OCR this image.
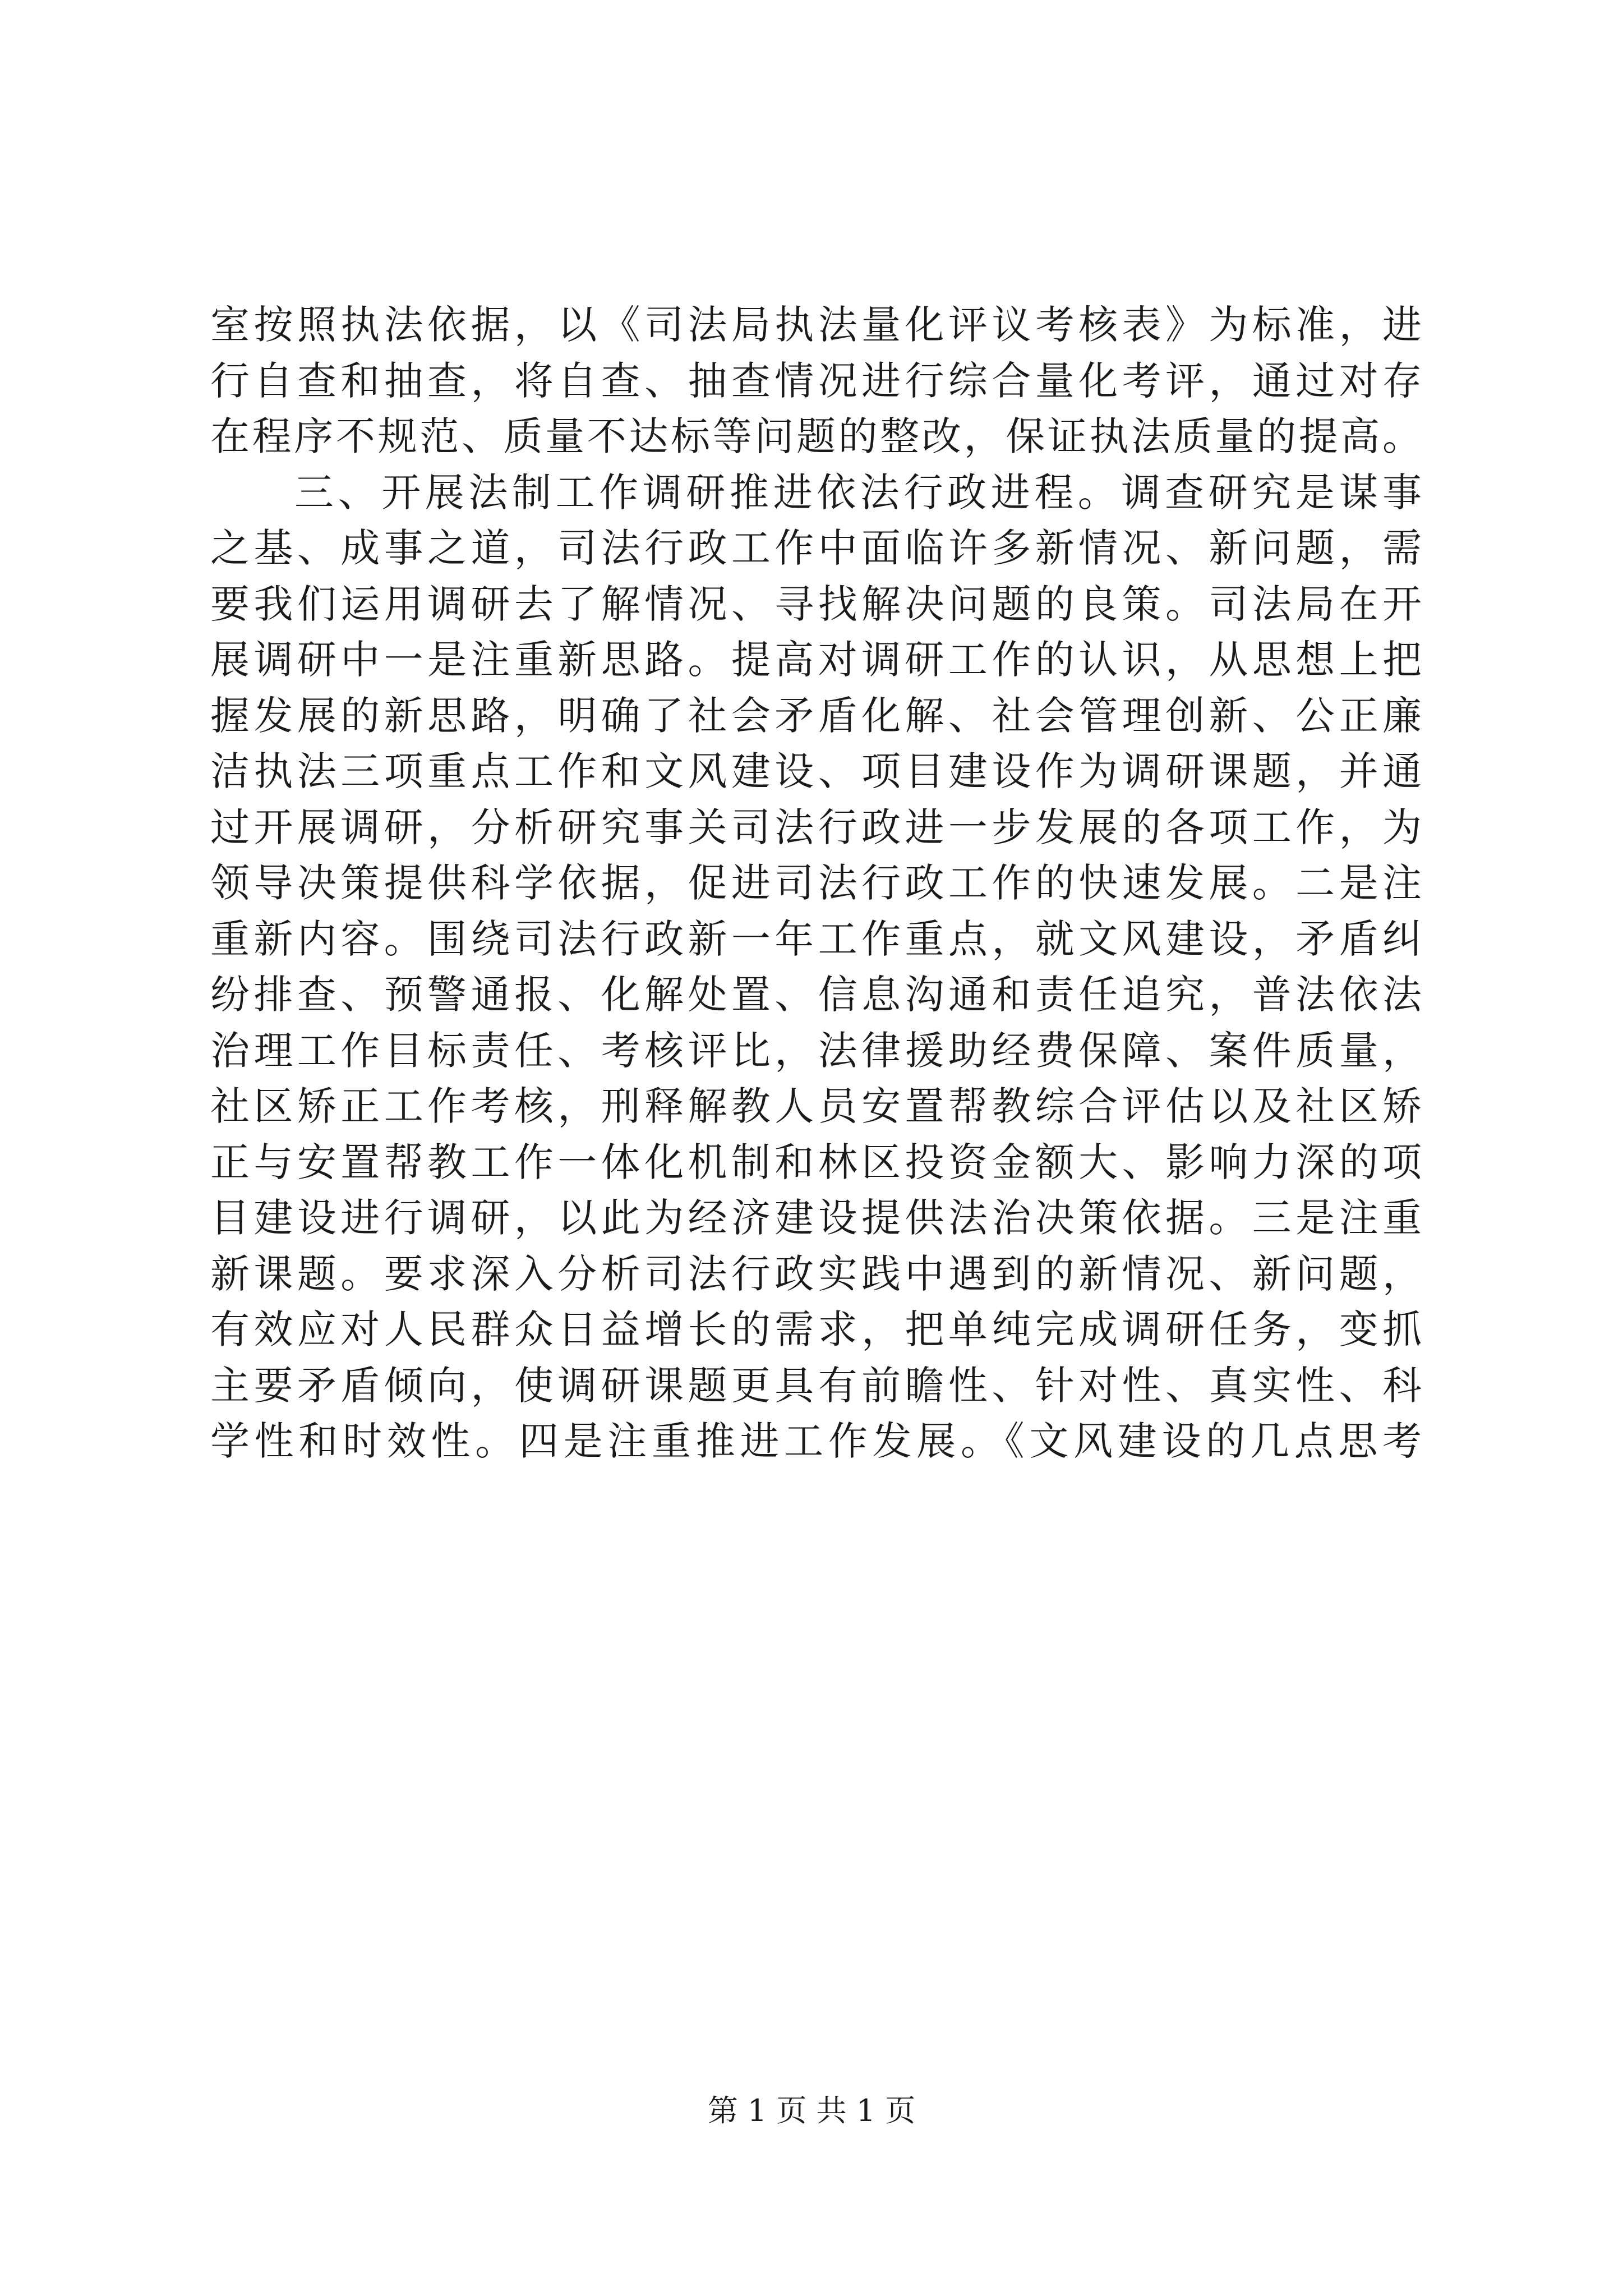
室按照执法依据，以《司法局执法量化评议考核表》为标准，进
行自查和抽查，将自查、抽查情况进行综合量化考评，通过对存
在程序不规范、质量不达标等问题的整改，保证执法质量的提高。
三、开展法制工作调研推进依法行政进程。调查研究是谋事
之基、成事之道，司法行政工作中面临许多新情况、新问题，需
要我们运用调研去了解情况、寻找解决问题的良策。司法局在开
展调研中一是注重新思路。提高对调研工作的认识，从思想上把
握发展的新思路，明确了社会矛盾化解、社会管理创新、公正廉
洁执法三项重点工作和文风建设、项目建设作为调研课题，并通
过开展调研，分析研究事关司法行政进一步发展的各项工作，为
领导决策提供科学依据，促进司法行政工作的快速发展。二是注
重新内容。围绕司法行政新一年工作重点，就文风建设，矛盾纠
纷排查、预警通报、化解处置、信息沟通和责任追究，普法依法
治理工作目标责任、考核评比，法律援助经费保障、案件质量，
社区矫正工作考核，刑释解教人员安置帮教综合评估以及社区矫
正与安置帮教工作一体化机制和林区投资金额大、影响力深的项
目建设进行调研，以此为经济建设提供法治决策依据。三是注重
新课题。要求深入分析司法行政实践中遇到的新情况、新问题，
有效应对人民群众日益增长的需求，把单纯完成调研任务，变抓
主要矛盾倾向，使调研课题更具有前瞻性、针对性、真实性、科
学性和时效性。四是注重推进工作发展。《文风建设的几点思考
第 1 页 共 1 页
